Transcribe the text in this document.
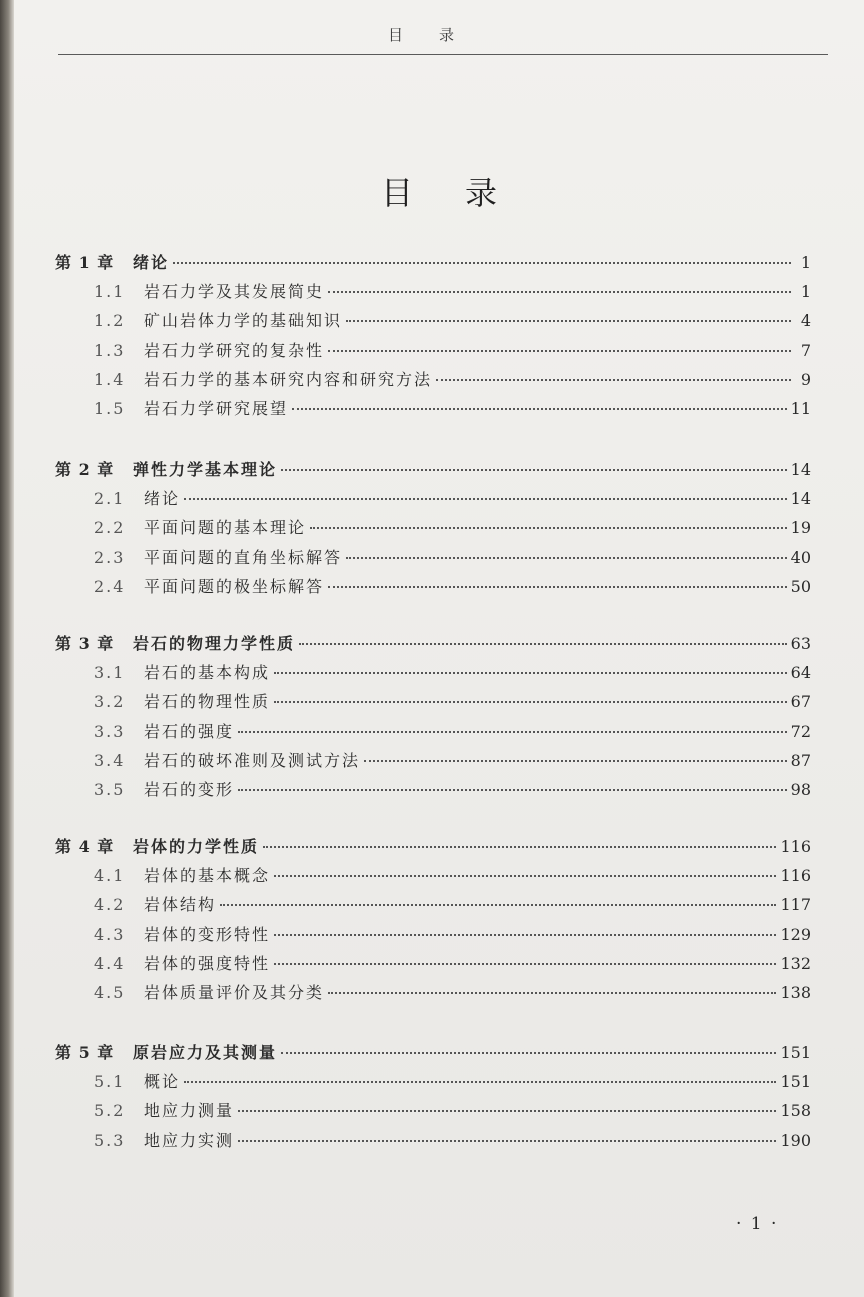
目录
目录
第 1 章	绪论	1
1.1	岩石力学及其发展简史	1
1.2	矿山岩体力学的基础知识	4
1.3	岩石力学研究的复杂性	7
1.4	岩石力学的基本研究内容和研究方法	9
1.5	岩石力学研究展望	11
第 2 章	弹性力学基本理论	14
2.1	绪论	14
2.2	平面问题的基本理论	19
2.3	平面问题的直角坐标解答	40
2.4	平面问题的极坐标解答	50
第 3 章	岩石的物理力学性质	63
3.1	岩石的基本构成	64
3.2	岩石的物理性质	67
3.3	岩石的强度	72
3.4	岩石的破坏准则及测试方法	87
3.5	岩石的变形	98
第 4 章	岩体的力学性质	116
4.1	岩体的基本概念	116
4.2	岩体结构	117
4.3	岩体的变形特性	129
4.4	岩体的强度特性	132
4.5	岩体质量评价及其分类	138
第 5 章	原岩应力及其测量	151
5.1	概论	151
5.2	地应力测量	158
5.3	地应力实测	190
· 1 ·
